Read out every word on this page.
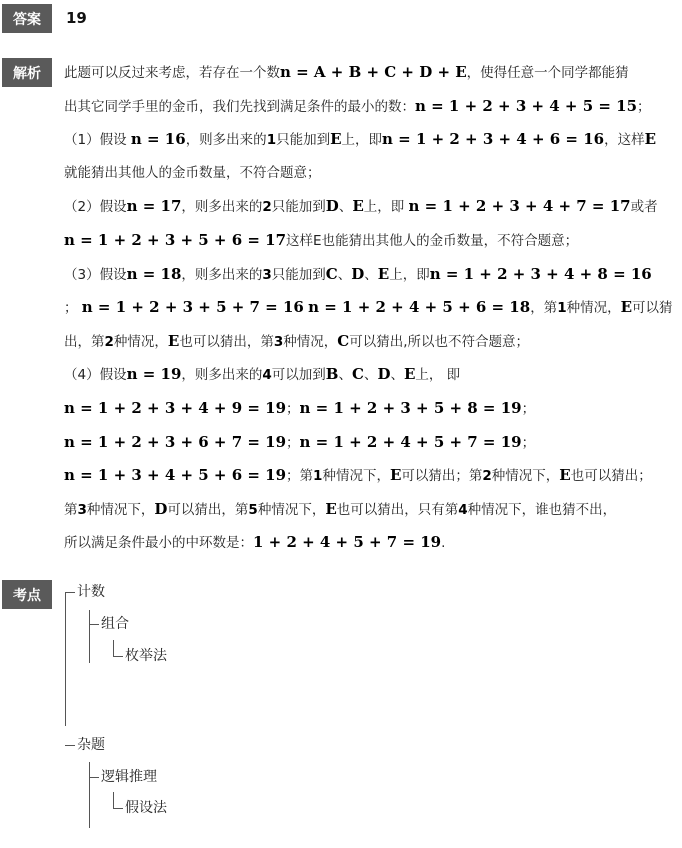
答案	19
解析	此题可以反过来考虑，若存在一个数n = A + B + C + D + E，使得任意一个同学都能猜
出其它同学手里的金币，我们先找到满足条件的最小的数：n = 1 + 2 + 3 + 4 + 5 = 15；
（1）假设 n = 16，则多出来的1只能加到E上，即n = 1 + 2 + 3 + 4 + 6 = 16，这样E
就能猜出其他人的金币数量，不符合题意；
（2）假设n = 17，则多出来的2只能加到D、E上，即 n = 1 + 2 + 3 + 4 + 7 = 17或者
n = 1 + 2 + 3 + 5 + 6 = 17这样E也能猜出其他人的金币数量，不符合题意；
（3）假设n = 18，则多出来的3只能加到C、D、E上，即n = 1 + 2 + 3 + 4 + 8 = 16
； n = 1 + 2 + 3 + 5 + 7 = 16 n = 1 + 2 + 4 + 5 + 6 = 18，第1种情况，E可以猜
出，第2种情况，E也可以猜出，第3种情况，C可以猜出,所以也不符合题意；
（4）假设n = 19，则多出来的4可以加到B、C、D、E上， 即
n = 1 + 2 + 3 + 4 + 9 = 19；n = 1 + 2 + 3 + 5 + 8 = 19；
n = 1 + 2 + 3 + 6 + 7 = 19；n = 1 + 2 + 4 + 5 + 7 = 19；
n = 1 + 3 + 4 + 5 + 6 = 19；第1种情况下，E可以猜出；第2种情况下，E也可以猜出；
第3种情况下，D可以猜出，第5种情况下，E也可以猜出，只有第4种情况下，谁也猜不出，
所以满足条件最小的中环数是：1 + 2 + 4 + 5 + 7 = 19.
考点	计数
组合
枚举法
杂题
逻辑推理
假设法
